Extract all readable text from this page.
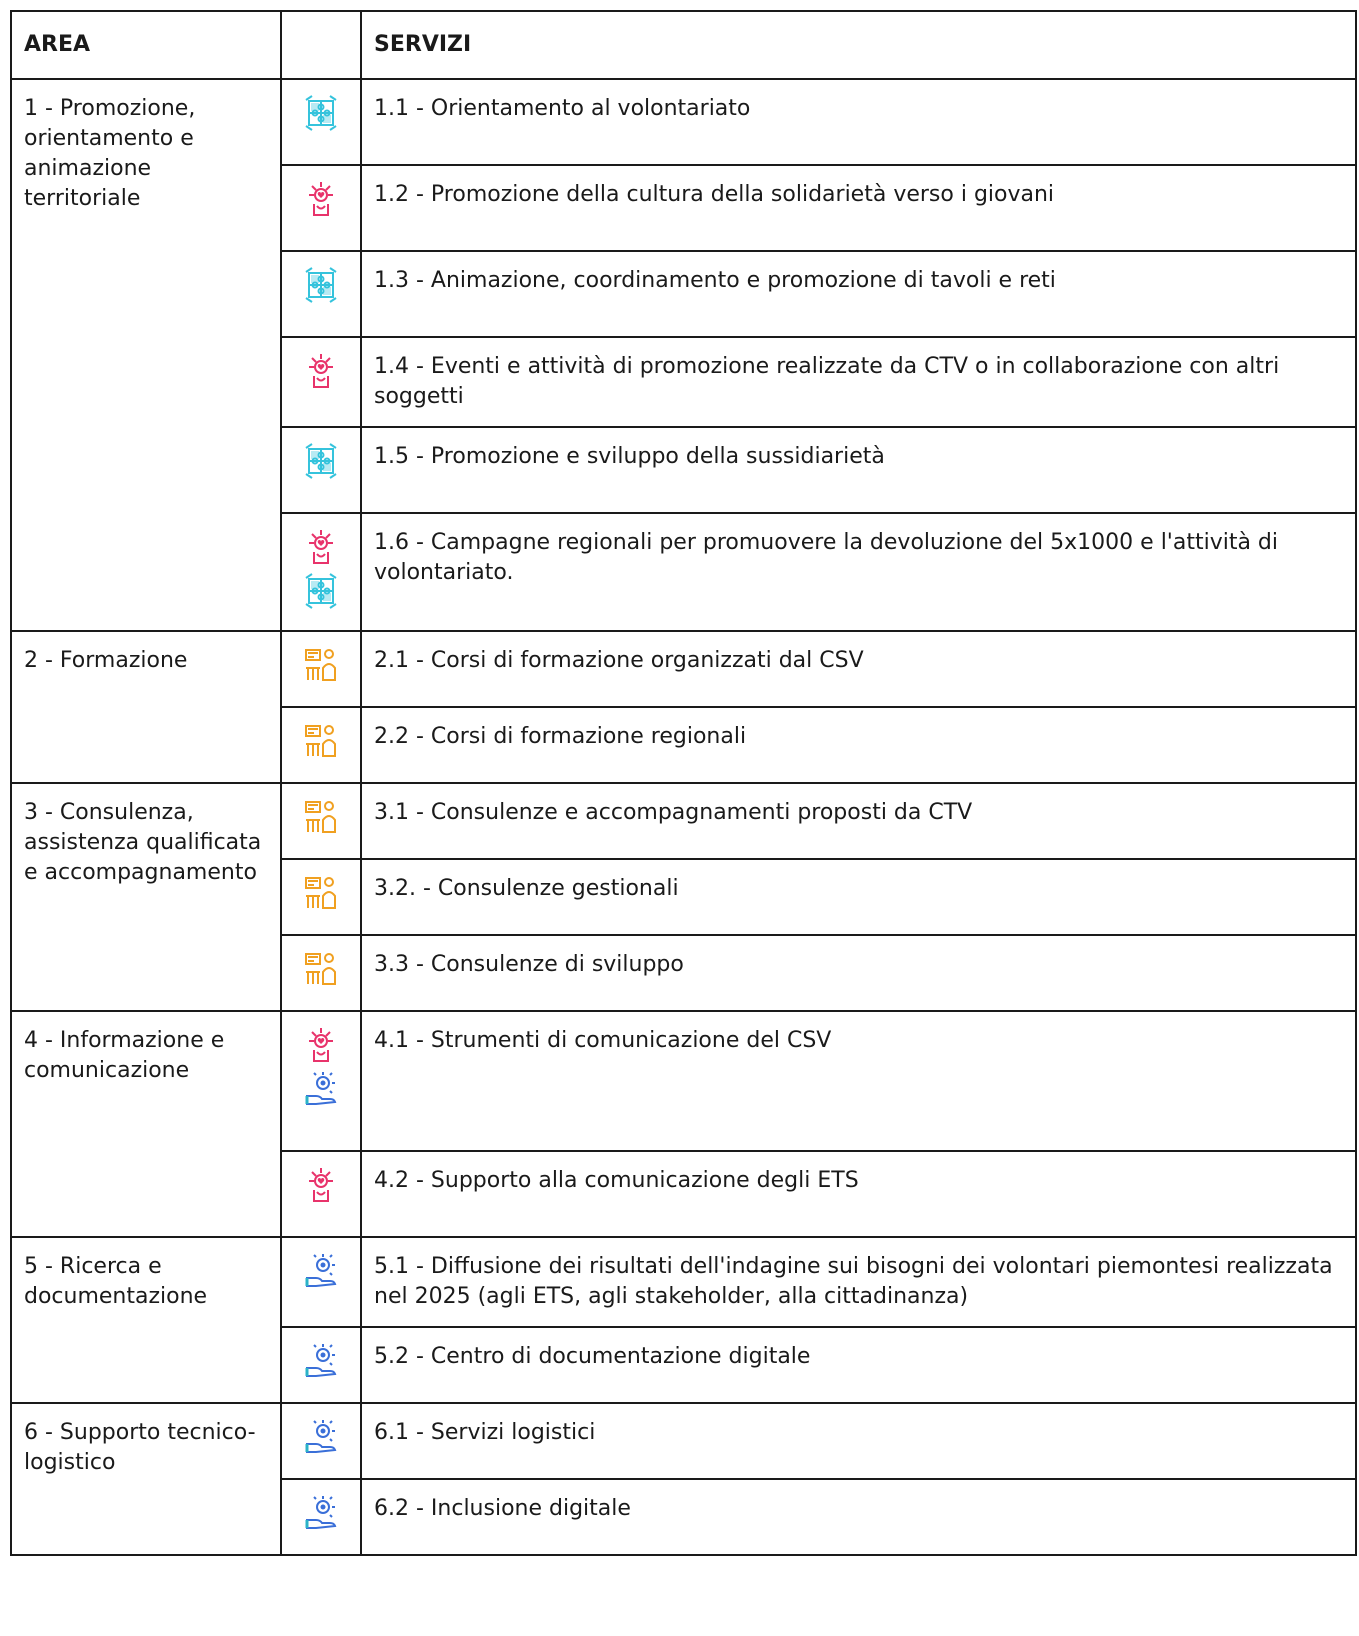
AREA		SERVIZI
1 - Promozione, orientamento e animazione territoriale		1.1 - Orientamento al volontariato

	1.2 - Promozione della cultura della solidarietà verso i giovani

	1.3 - Animazione, coordinamento e promozione di tavoli e reti

	1.4 - Eventi e attività di promozione realizzate da CTV o in collaborazione con altri soggetti

	1.5 - Promozione e sviluppo della sussidiarietà

	1.6 - Campagne regionali per promuovere la devoluzione del 5x1000 e l'attività di volontariato.
2 - Formazione		2.1 - Corsi di formazione organizzati dal CSV

	2.2 - Corsi di formazione regionali
3 - Consulenza, assistenza qualificata e accompagnamento		3.1 - Consulenze e accompagnamenti proposti da CTV

	3.2. - Consulenze gestionali

	3.3 - Consulenze di sviluppo
4 - Informazione e comunicazione		4.1 - Strumenti di comunicazione del CSV

	4.2 - Supporto alla comunicazione degli ETS
5 - Ricerca e documentazione		5.1 - Diffusione dei risultati dell'indagine sui bisogni dei volontari piemontesi realizzata nel 2025 (agli ETS, agli stakeholder, alla cittadinanza)

	5.2 - Centro di documentazione digitale
6 - Supporto tecnico-logistico		6.1 - Servizi logistici

	6.2 - Inclusione digitale
